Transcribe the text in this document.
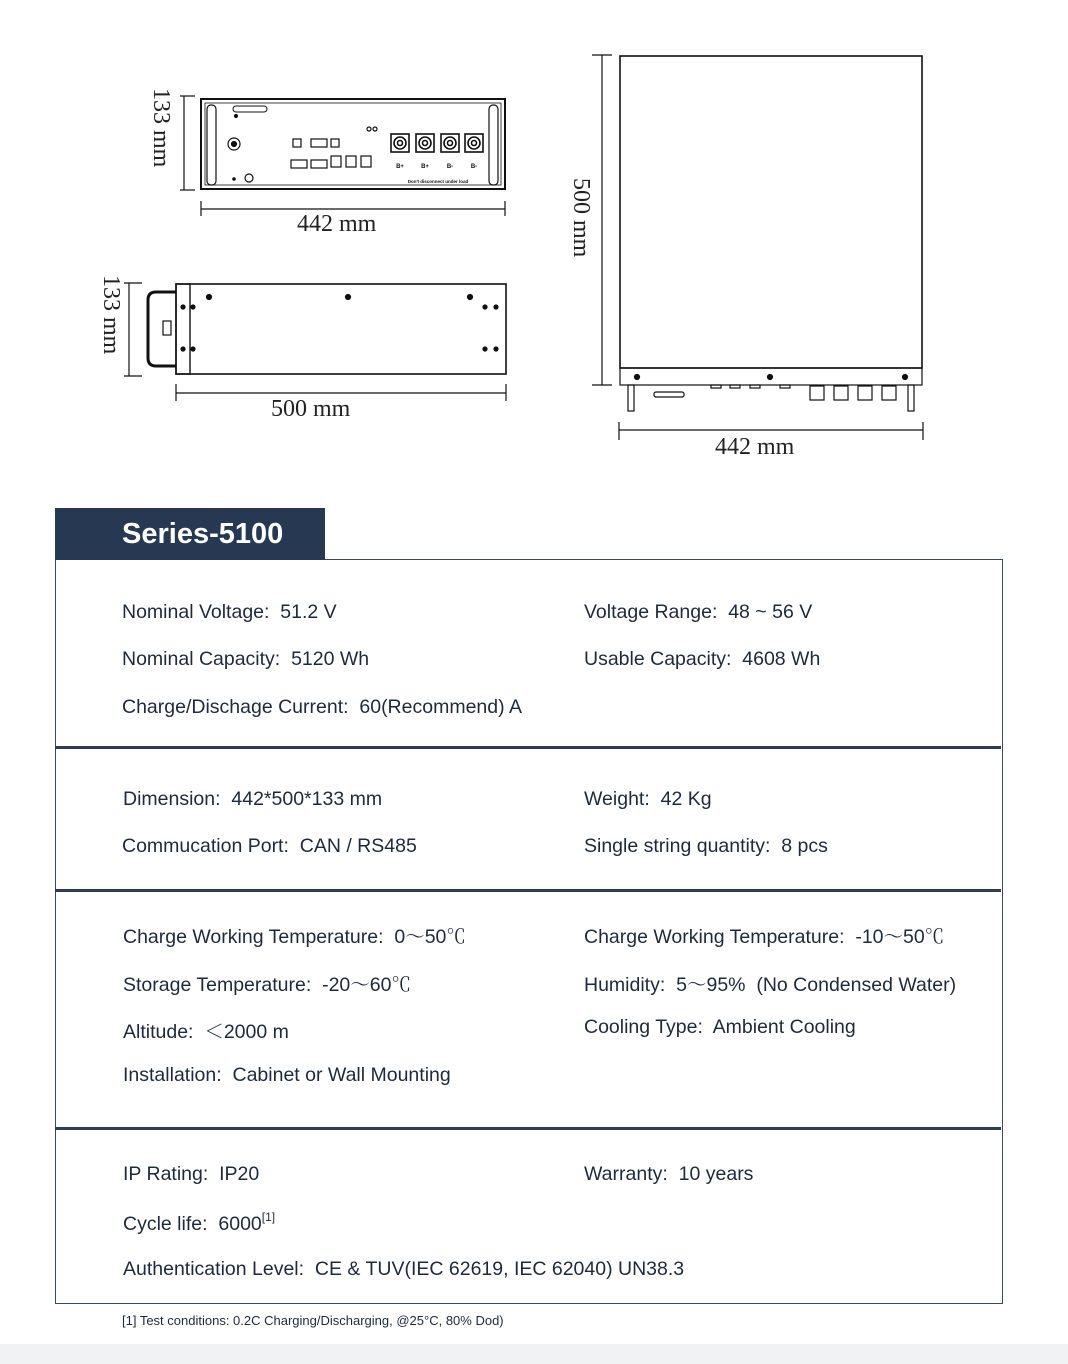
B+	B+	B-	B-
Don't disconnect under load
133 mm
442 mm
133 mm
500 mm
500 mm
442 mm
Series-5100
Nominal Voltage: 51.2 V	Voltage Range: 48 ~ 56 V
Nominal Capacity: 5120 Wh	Usable Capacity: 4608 Wh
Charge/Dischage Current: 60(Recommend) A
Dimension: 442*500*133 mm	Weight: 42 Kg
Commucation Port: CAN / RS485	Single string quantity: 8 pcs
Charge Working Temperature: 0～50℃	Charge Working Temperature: -10～50℃
Storage Temperature: -20～60℃	Humidity: 5～95%  (No Condensed Water)
Altitude: ＜2000 m	Cooling Type: Ambient Cooling
Installation: Cabinet or Wall Mounting
IP Rating: IP20	Warranty: 10 years
Cycle life: 6000[1]
Authentication Level: CE & TUV(IEC 62619, IEC 62040) UN38.3
[1] Test conditions: 0.2C Charging/Discharging, @25°C, 80% Dod)
